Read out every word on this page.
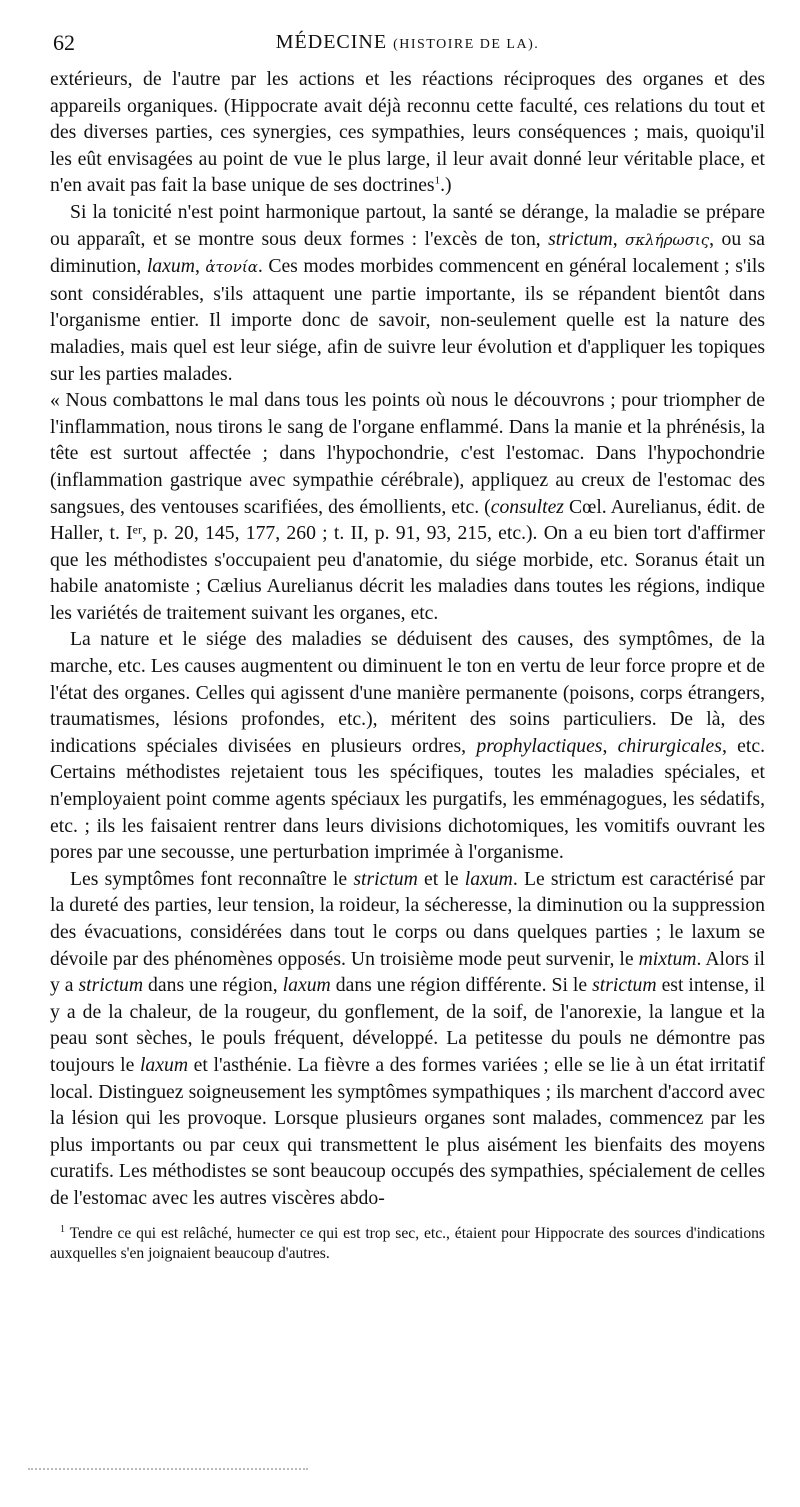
62	MÉDECINE (HISTOIRE DE LA).

extérieurs, de l'autre par les actions et les réactions réciproques des organes et des appareils organiques. (Hippocrate avait déjà reconnu cette faculté, ces relations du tout et des diverses parties, ces synergies, ces sympathies, leurs conséquences ; mais, quoiqu'il les eût envisagées au point de vue le plus large, il leur avait donné leur véritable place, et n'en avait pas fait la base unique de ses doctrines$^1$.)

Si la tonicité n'est point harmonique partout, la santé se dérange, la maladie se prépare ou apparaît, et se montre sous deux formes : l'excès de ton, strictum, σκλήρωσις, ou sa diminution, laxum, ἀτονία. Ces modes morbides commencent en général localement ; s'ils sont considérables, s'ils attaquent une partie importante, ils se répandent bientôt dans l'organisme entier. Il importe donc de savoir, non-seulement quelle est la nature des maladies, mais quel est leur siége, afin de suivre leur évolution et d'appliquer les topiques sur les parties malades.

« Nous combattons le mal dans tous les points où nous le découvrons ; pour triompher de l'inflammation, nous tirons le sang de l'organe enflammé. Dans la manie et la phrénésis, la tête est surtout affectée ; dans l'hypochondrie, c'est l'estomac. Dans l'hypochondrie (inflammation gastrique avec sympathie cérébrale), appliquez au creux de l'estomac des sangsues, des ventouses scarifiées, des émollients, etc. (consultez Cœl. Aurelianus, édit. de Haller, t. Iᵉʳ, p. 20, 145, 177, 260 ; t. II, p. 91, 93, 215, etc.). On a eu bien tort d'affirmer que les méthodistes s'occupaient peu d'anatomie, du siége morbide, etc. Soranus était un habile anatomiste ; Cælius Aurelianus décrit les maladies dans toutes les régions, indique les variétés de traitement suivant les organes, etc.

La nature et le siége des maladies se déduisent des causes, des symptômes, de la marche, etc. Les causes augmentent ou diminuent le ton en vertu de leur force propre et de l'état des organes. Celles qui agissent d'une manière permanente (poisons, corps étrangers, traumatismes, lésions profondes, etc.), méritent des soins particuliers. De là, des indications spéciales divisées en plusieurs ordres, prophylactiques, chirurgicales, etc. Certains méthodistes rejetaient tous les spécifiques, toutes les maladies spéciales, et n'employaient point comme agents spéciaux les purgatifs, les emménagogues, les sédatifs, etc. ; ils les faisaient rentrer dans leurs divisions dichotomiques, les vomitifs ouvrant les pores par une secousse, une perturbation imprimée à l'organisme.

Les symptômes font reconnaître le strictum et le laxum. Le strictum est caractérisé par la dureté des parties, leur tension, la roideur, la sécheresse, la diminution ou la suppression des évacuations, considérées dans tout le corps ou dans quelques parties ; le laxum se dévoile par des phénomènes opposés. Un troisième mode peut survenir, le mixtum. Alors il y a strictum dans une région, laxum dans une région différente. Si le strictum est intense, il y a de la chaleur, de la rougeur, du gonflement, de la soif, de l'anorexie, la langue et la peau sont sèches, le pouls fréquent, développé. La petitesse du pouls ne démontre pas toujours le laxum et l'asthénie. La fièvre a des formes variées ; elle se lie à un état irritatif local. Distinguez soigneusement les symptômes sympathiques ; ils marchent d'accord avec la lésion qui les provoque. Lorsque plusieurs organes sont malades, commencez par les plus importants ou par ceux qui transmettent le plus aisément les bienfaits des moyens curatifs. Les méthodistes se sont beaucoup occupés des sympathies, spécialement de celles de l'estomac avec les autres viscères abdo-

$^1$ Tendre ce qui est relâché, humecter ce qui est trop sec, etc., étaient pour Hippocrate des sources d'indications auxquelles s'en joignaient beaucoup d'autres.
